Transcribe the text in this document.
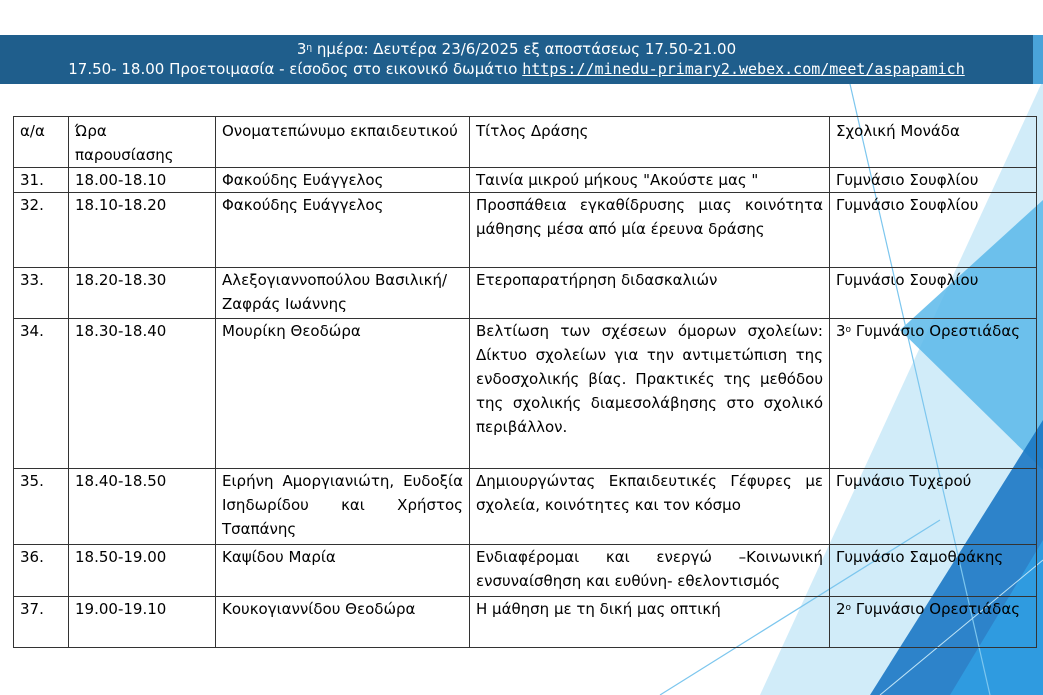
$3^\eta$ ημέρα: Δευτέρα 23/6/2025 εξ αποστάσεως 17.50-21.00
17.50- 18.00 Προετοιμασία - είσοδος στο εικονικό δωμάτιο https://minedu-primary2.webex.com/meet/aspapamich
α/α	Ώρα παρουσίασης	Ονοματεπώνυμο εκπαιδευτικού	Τίτλος Δράσης	Σχολική Μονάδα
31.	18.00-18.10	Φακούδης Ευάγγελος	Ταινία μικρού μήκους "Ακούστε μας "	Γυμνάσιο Σουφλίου
32.	18.10-18.20	Φακούδης Ευάγγελος	Προσπάθεια εγκαθίδρυσης μιας κοινότητα μάθησης μέσα από μία έρευνα δράσης	Γυμνάσιο Σουφλίου
33.	18.20-18.30	Αλεξογιαννοπούλου Βασιλική/Ζαφράς Ιωάννης	Ετεροπαρατήρηση διδασκαλιών	Γυμνάσιο Σουφλίου
34.	18.30-18.40	Μουρίκη Θεοδώρα	Βελτίωση των σχέσεων όμορων σχολείων: Δίκτυο σχολείων για την αντιμετώπιση της ενδοσχολικής βίας. Πρακτικές της μεθόδου της σχολικής διαμεσολάβησης στο σχολικό περιβάλλον.	$3^o$ Γυμνάσιο Ορεστιάδας
35.	18.40-18.50	Ειρήνη Αμοργιανιώτη, Ευδοξία Ισηδωρίδου και Χρήστος Τσαπάνης	Δημιουργώντας Εκπαιδευτικές Γέφυρες με σχολεία, κοινότητες και τον κόσμο	Γυμνάσιο Τυχερού
36.	18.50-19.00	Καψίδου Μαρία	Ενδιαφέρομαι και ενεργώ –Κοινωνική ενσυναίσθηση και ευθύνη- εθελοντισμός	Γυμνάσιο Σαμοθράκης
37.	19.00-19.10	Κουκογιαννίδου Θεοδώρα	Η μάθηση με τη δική μας οπτική	$2^o$ Γυμνάσιο Ορεστιάδας
